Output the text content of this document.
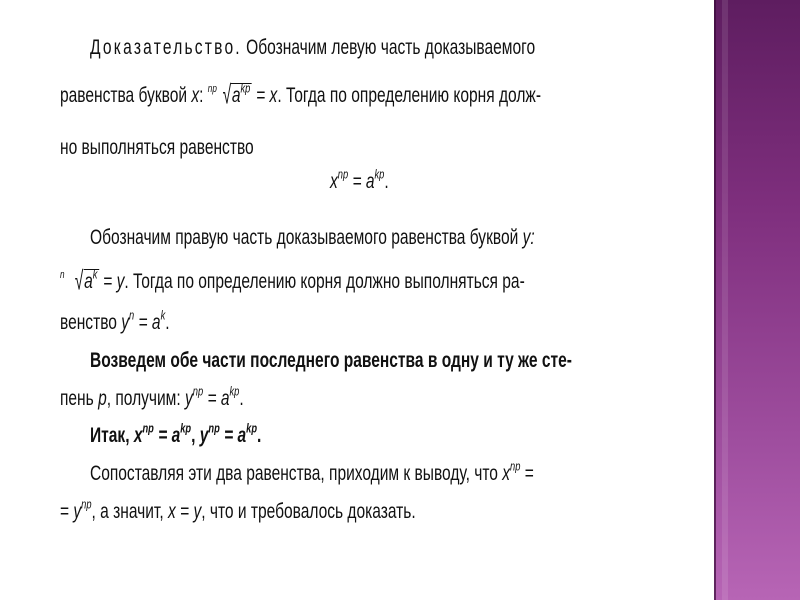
Доказательство. Обозначим левую часть доказываемого
равенства буквой x: np $√a^{kp} = x$. Тогда по определению корня долж-
но выполняться равенство
$x^{np} = a^{kp}$.
Обозначим правую часть доказываемого равенства буквой y:
n $√a^k = y$. Тогда по определению корня должно выполняться ра-
венство $y^n = a^k$.
Возведем обе части последнего равенства в одну и ту же сте-
пень p, получим: $y^{np} = a^{kp}$.
Итак, $x^{np} = a^{kp}$, $y^{np} = a^{kp}$.
Сопоставляя эти два равенства, приходим к выводу, что $x^{np}$ =
= $y^{np}$, а значит, x = y, что и требовалось доказать.
